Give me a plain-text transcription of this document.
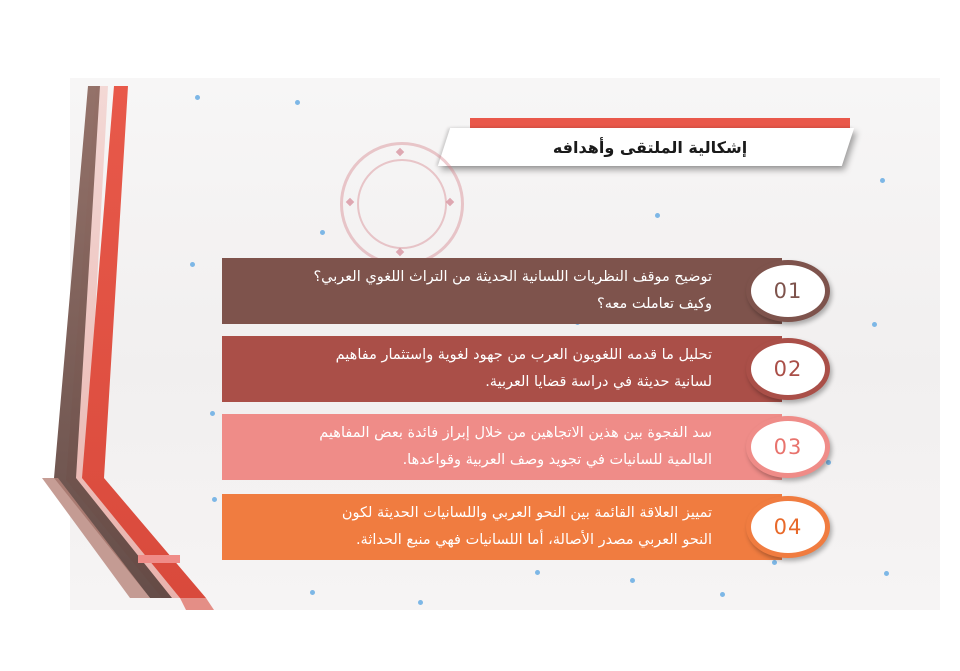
إشكالية الملتقى وأهدافه
توضيح موقف النظريات اللسانية الحديثة من التراث اللغوي العربي؟
وكيف تعاملت معه؟
01
تحليل ما قدمه اللغويون العرب من جهود لغوية واستثمار مفاهيم
لسانية حديثة في دراسة قضايا العربية.
02
سد الفجوة بين هذين الاتجاهين من خلال إبراز فائدة بعض المفاهيم
العالمية للسانيات في تجويد وصف العربية وقواعدها.
03
تمييز العلاقة القائمة بين النحو العربي واللسانيات الحديثة لكون
النحو العربي مصدر الأصالة، أما اللسانيات فهي منبع الحداثة.
04
